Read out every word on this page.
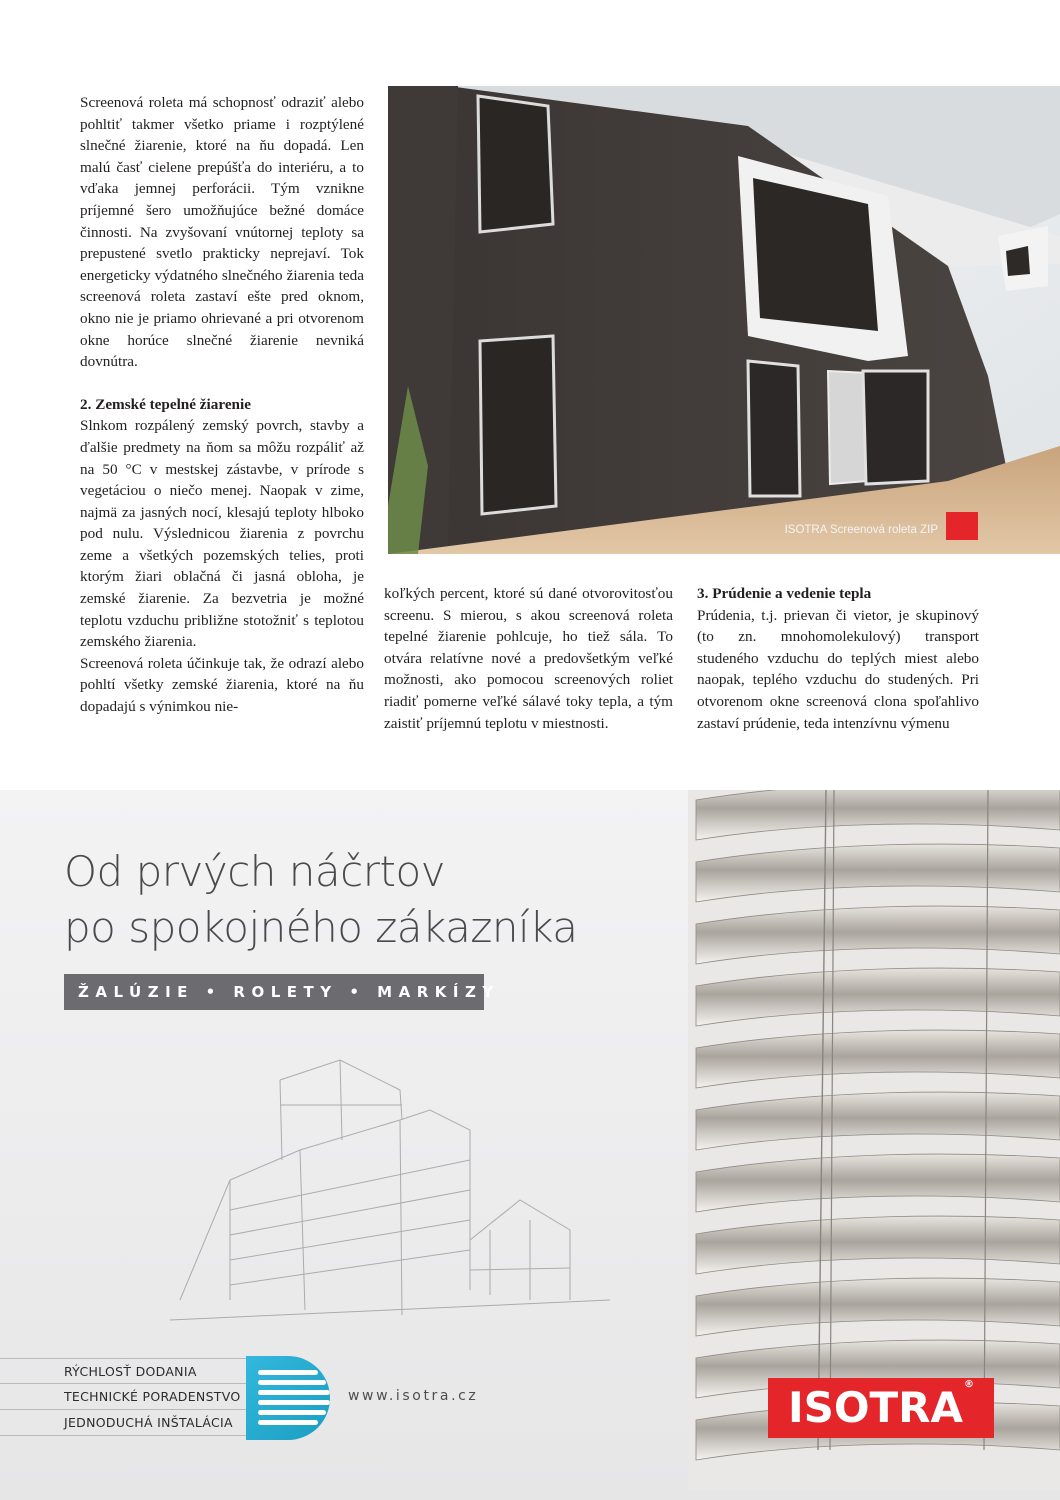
Screenová roleta má schopnosť odraziť alebo pohltiť takmer všetko priame i rozptýlené slnečné žiarenie, ktoré na ňu dopadá. Len malú časť cielene prepúšťa do interiéru, a to vďaka jemnej perforácii. Tým vznikne príjemné šero umožňujúce bežné domáce činnosti. Na zvyšovaní vnútornej teploty sa prepustené svetlo prakticky neprejaví. Tok energeticky výdatného slnečného žiarenia teda screenová roleta zastaví ešte pred oknom, okno nie je priamo ohrievané a pri otvorenom okne horúce slnečné žiarenie nevniká dovnútra.

2. Zemské tepelné žiarenie

Slnkom rozpálený zemský povrch, stavby a ďalšie predmety na ňom sa môžu rozpáliť až na 50 °C v mestskej zástavbe, v prírode s vegetáciou o niečo menej. Naopak v zime, najmä za jasných nocí, klesajú teploty hlboko pod nulu. Výslednicou žiarenia z povrchu zeme a všetkých pozemských telies, proti ktorým žiari oblačná či jasná obloha, je zemské žiarenie. Za bezvetria je možné teplotu vzduchu približne stotožniť s teplotou zemského žiarenia.

Screenová roleta účinkuje tak, že odrazí alebo pohltí všetky zemské žiarenia, ktoré na ňu dopadajú s výnimkou nie-

ISOTRA Screenová roleta ZIP

koľkých percent, ktoré sú dané otvorovitosťou screenu. S mierou, s akou screenová roleta tepelné žiarenie pohlcuje, ho tiež sála. To otvára relatívne nové a predovšetkým veľké možnosti, ako pomocou screenových roliet riadiť pomerne veľké sálavé toky tepla, a tým zaistiť príjemnú teplotu v miestnosti.

3. Prúdenie a vedenie tepla

Prúdenia, t.j. prievan či vietor, je skupinový (to zn. mnohomolekulový) transport studeného vzduchu do teplých miest alebo naopak, teplého vzduchu do studených. Pri otvorenom okne screenová clona spoľahlivo zastaví prúdenie, teda intenzívnu výmenu

Od prvých náčrtov
po spokojného zákazníka
ŽALÚZIE • ROLETY • MARKÍZY
RÝCHLOSŤ DODANIA
TECHNICKÉ PORADENSTVO
JEDNODUCHÁ INŠTALÁCIA
www.isotra.cz	ISOTRA®
